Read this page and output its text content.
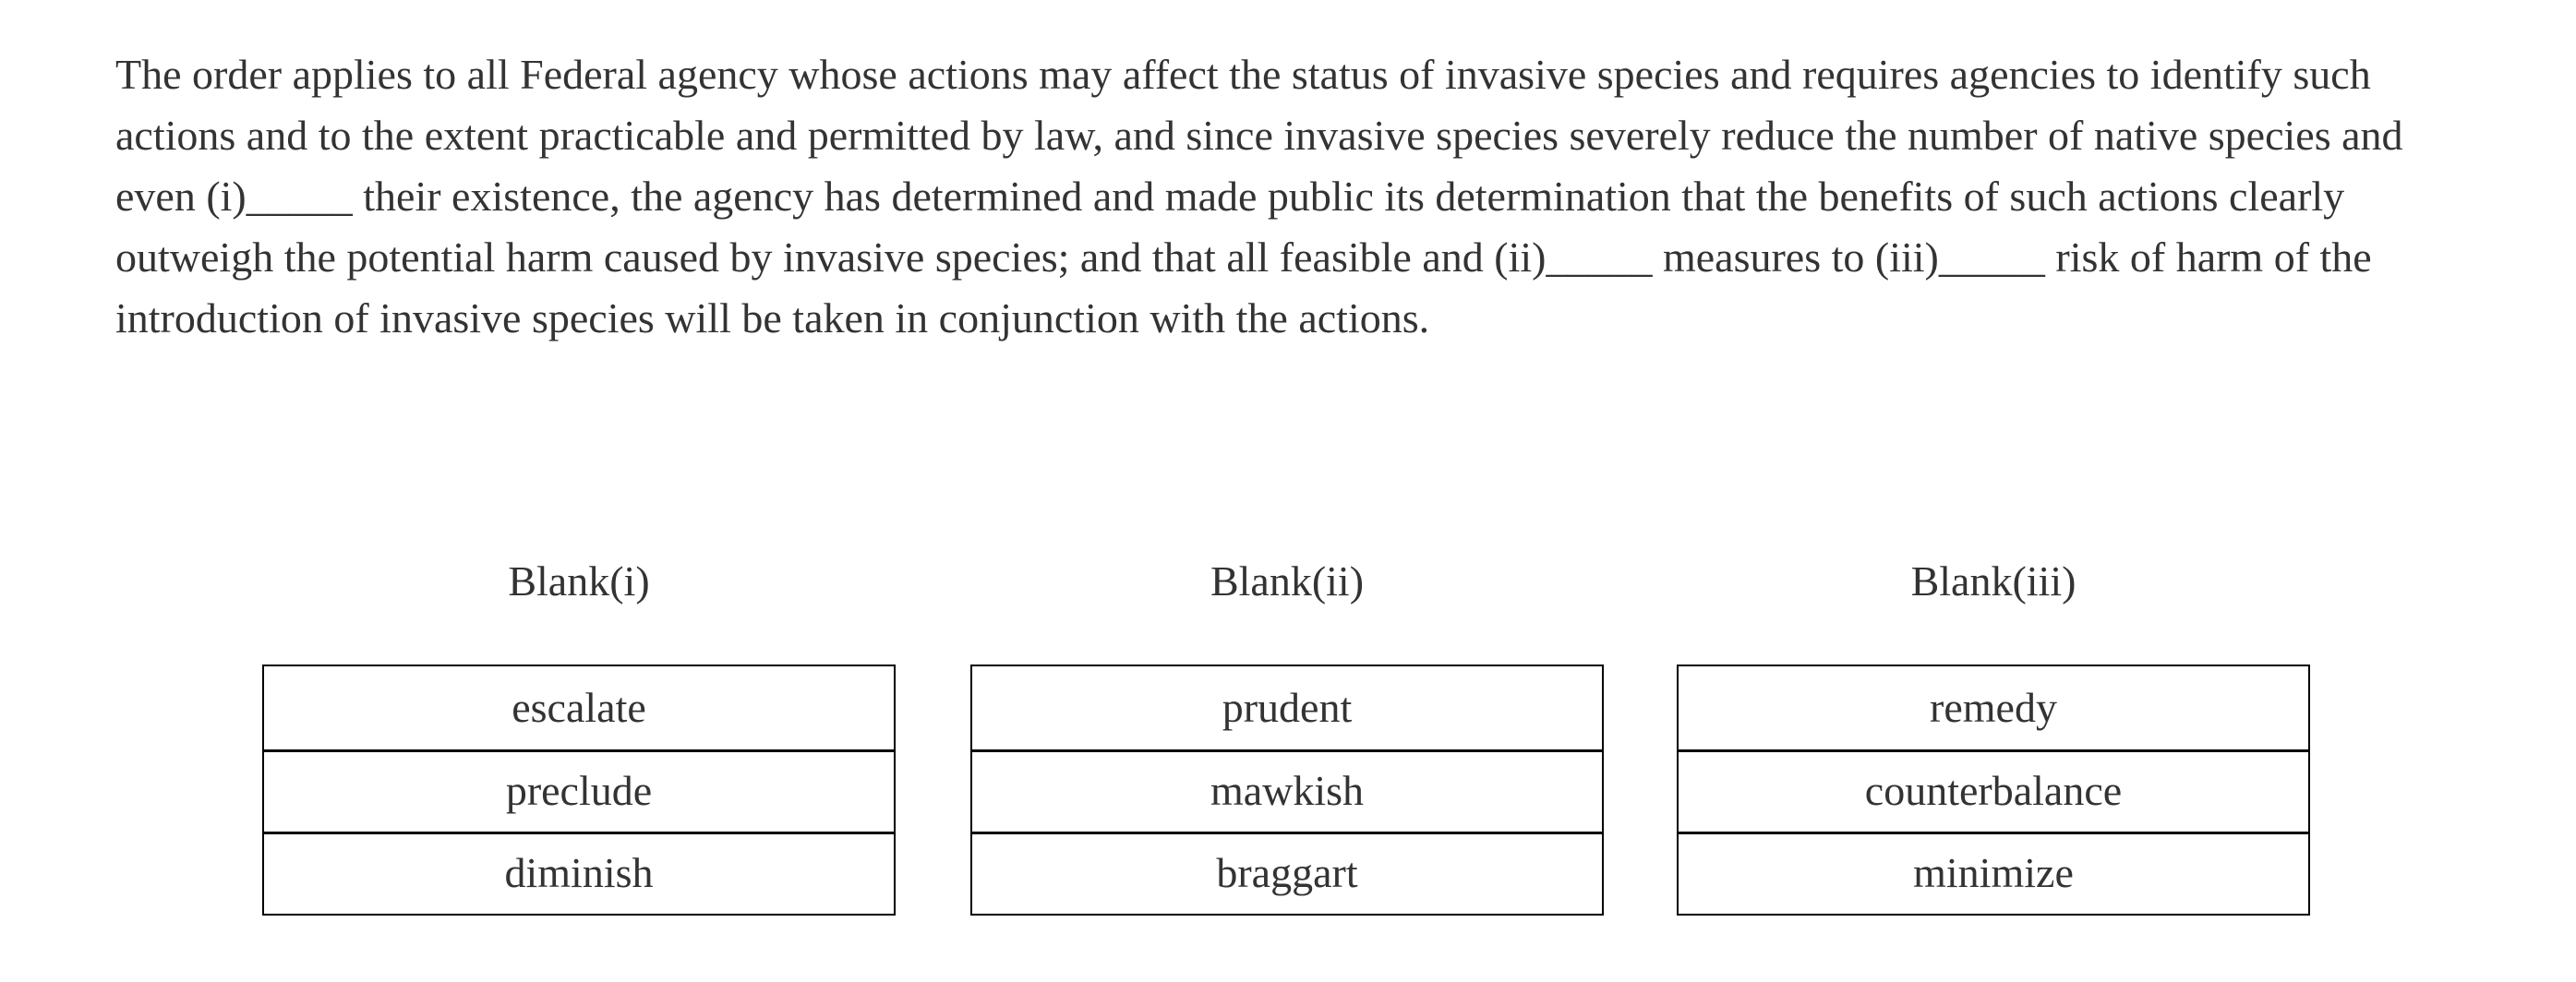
The order applies to all Federal agency whose actions may affect the status of invasive species and requires agencies to identify such actions and to the extent practicable and permitted by law, and since invasive species severely reduce the number of native species and even (i)_____ their existence, the agency has determined and made public its determination that the benefits of such actions clearly outweigh the potential harm caused by invasive species; and that all feasible and (ii)_____ measures to (iii)_____ risk of harm of the introduction of invasive species will be taken in conjunction with the actions.

Blank(i)
escalate
preclude
diminish
Blank(ii)
prudent
mawkish
braggart
Blank(iii)
remedy
counterbalance
minimize
